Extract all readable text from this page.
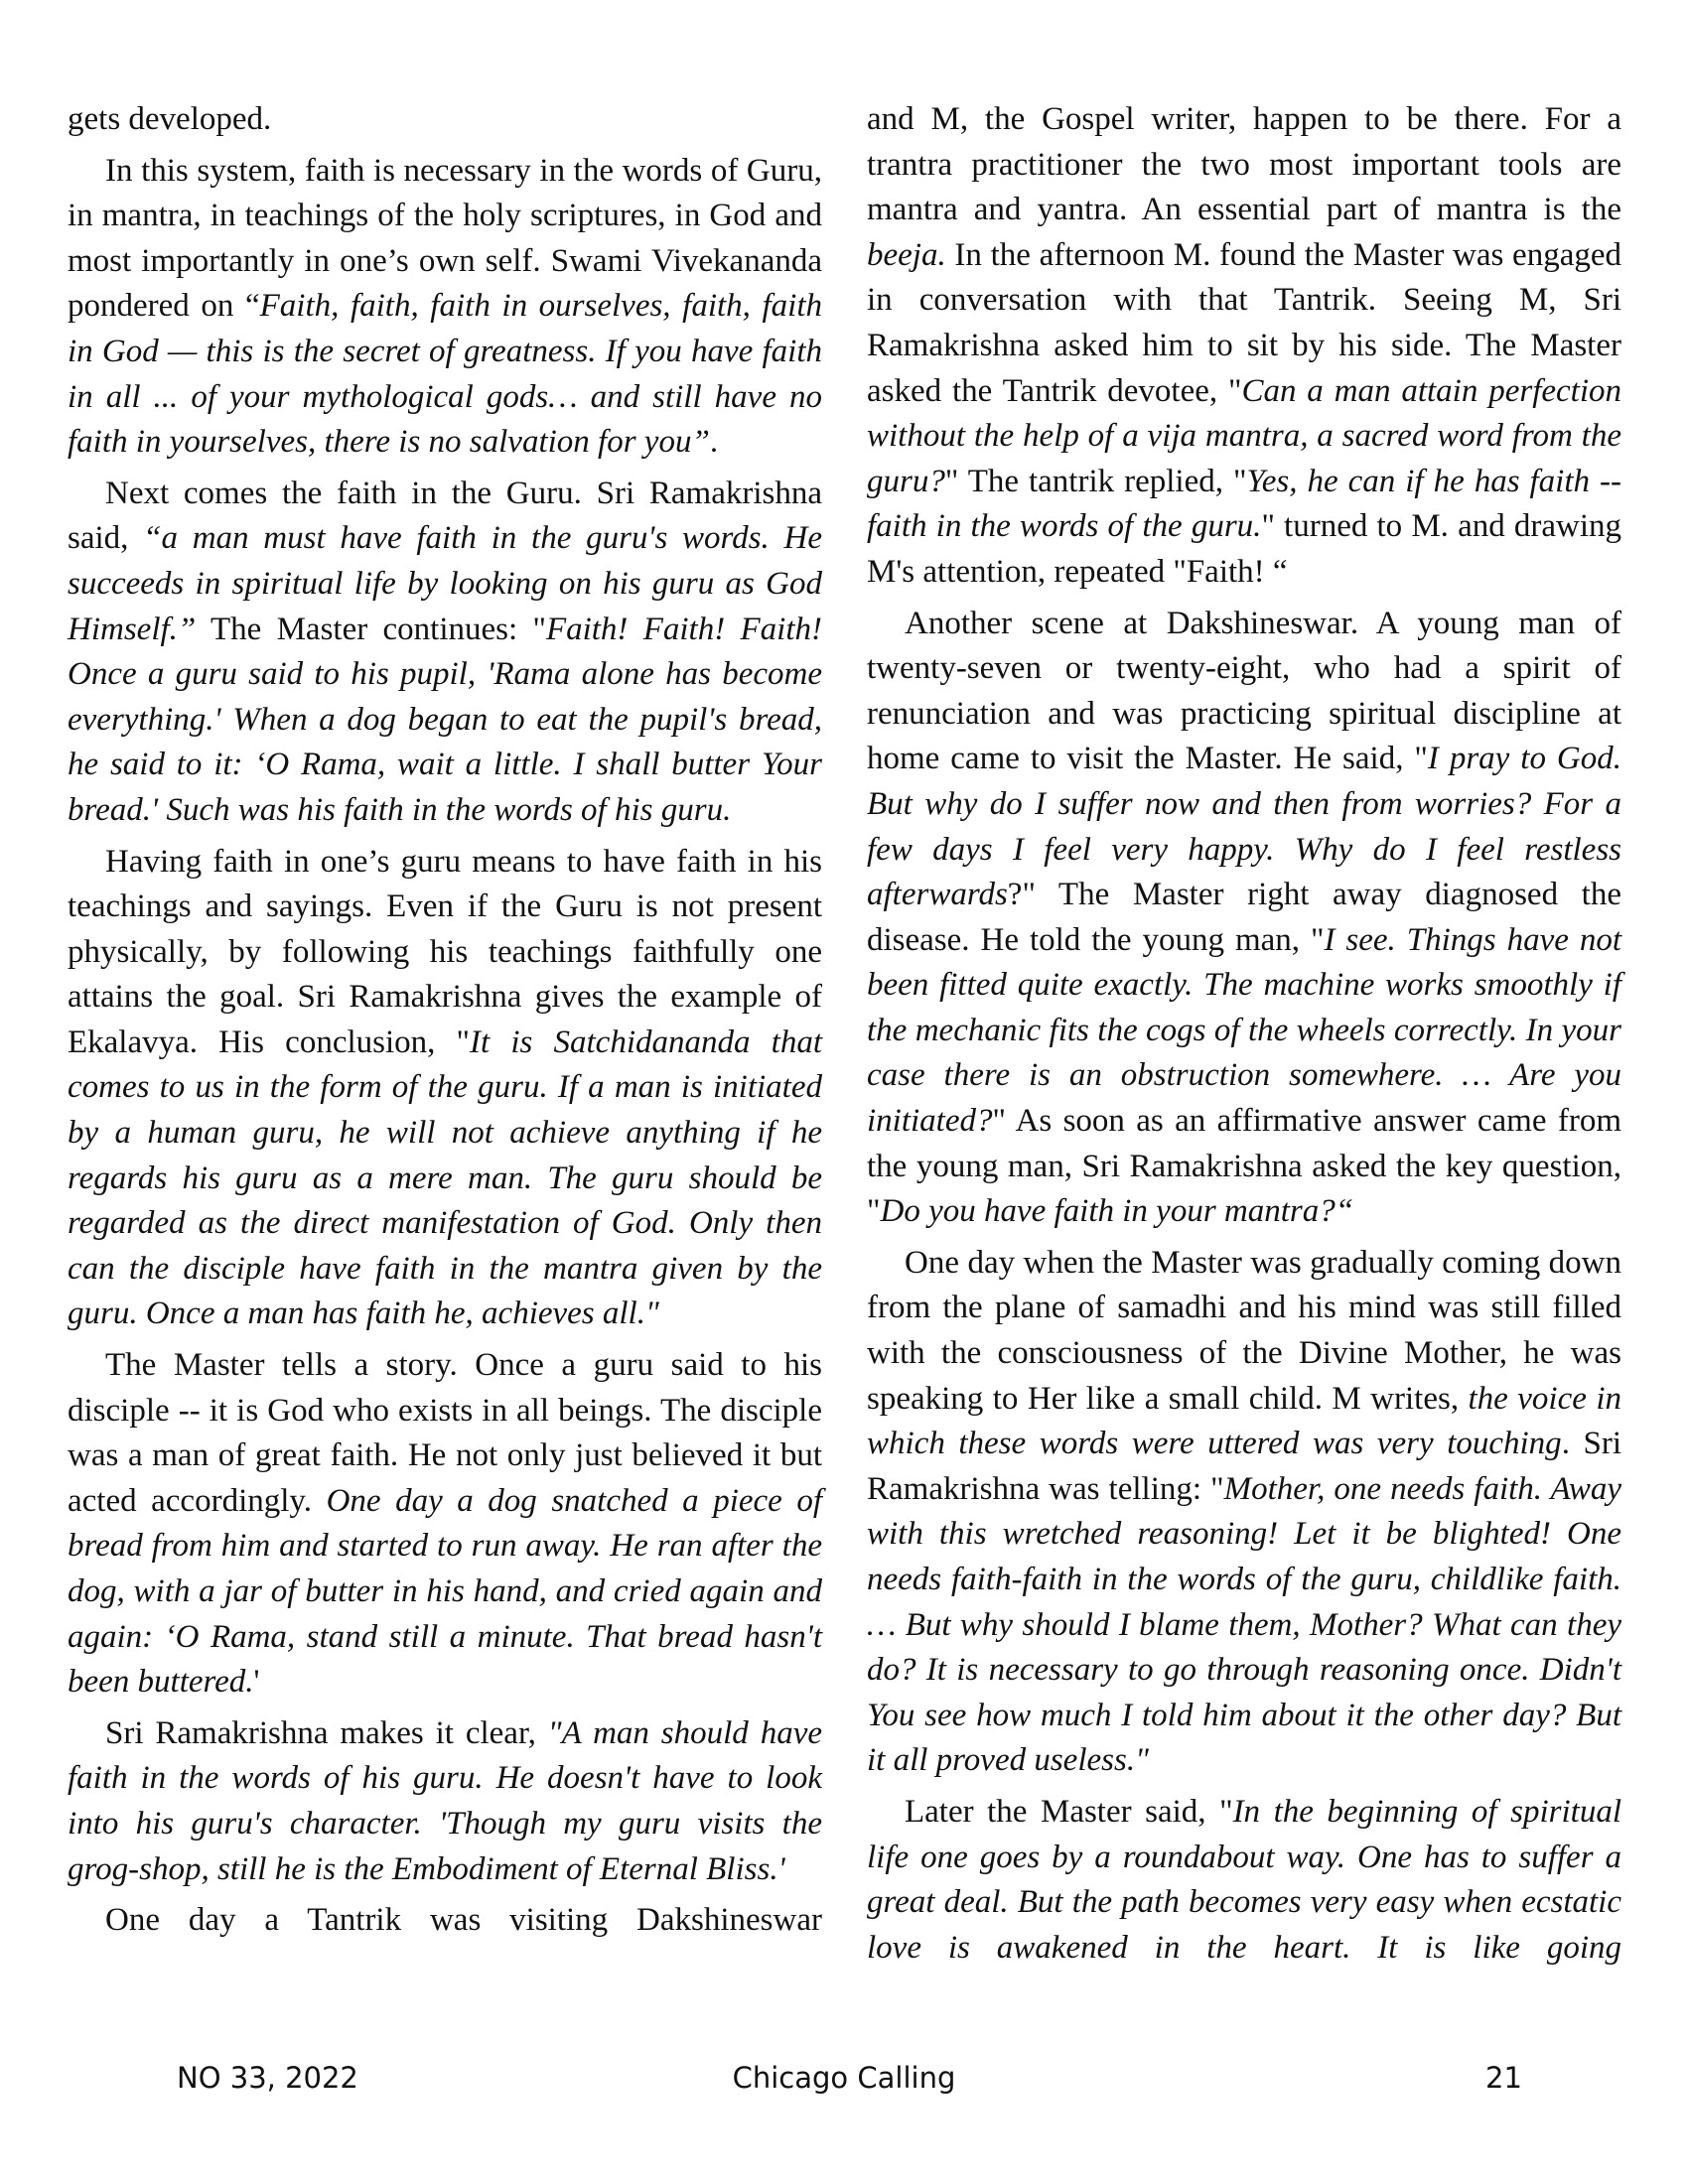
gets developed.

In this system, faith is necessary in the words of Guru, in mantra, in teachings of the holy scriptures, in God and most importantly in one’s own self. Swami Vivekananda pondered on “Faith, faith, faith in ourselves, faith, faith in God — this is the secret of greatness. If you have faith in all ... of your mythological gods… and still have no faith in yourselves, there is no salvation for you”.

Next comes the faith in the Guru. Sri Ramakrishna said, “a man must have faith in the guru's words. He succeeds in spiritual life by looking on his guru as God Himself.” The Master continues: "Faith! Faith! Faith! Once a guru said to his pupil, 'Rama alone has become everything.' When a dog began to eat the pupil's bread, he said to it: ‘O Rama, wait a little. I shall butter Your bread.' Such was his faith in the words of his guru.

Having faith in one’s guru means to have faith in his teachings and sayings. Even if the Guru is not present physically, by following his teachings faithfully one attains the goal. Sri Ramakrishna gives the example of Ekalavya. His conclusion, "It is Satchidananda that comes to us in the form of the guru. If a man is initiated by a human guru, he will not achieve anything if he regards his guru as a mere man. The guru should be regarded as the direct manifestation of God. Only then can the disciple have faith in the mantra given by the guru. Once a man has faith he, achieves all."

The Master tells a story. Once a guru said to his disciple -- it is God who exists in all beings. The disciple was a man of great faith. He not only just believed it but acted accordingly. One day a dog snatched a piece of bread from him and started to run away. He ran after the dog, with a jar of butter in his hand, and cried again and again: ‘O Rama, stand still a minute. That bread hasn't been buttered.'

Sri Ramakrishna makes it clear, "A man should have faith in the words of his guru. He doesn't have to look into his guru's character. 'Though my guru visits the grog-shop, still he is the Embodiment of Eternal Bliss.'

One day a Tantrik was visiting Dakshineswar

and M, the Gospel writer, happen to be there. For a trantra practitioner the two most important tools are mantra and yantra. An essential part of mantra is the beeja. In the afternoon M. found the Master was engaged in conversation with that Tantrik. Seeing M, Sri Ramakrishna asked him to sit by his side. The Master asked the Tantrik devotee, "Can a man attain perfection without the help of a vija mantra, a sacred word from the guru?" The tantrik replied, "Yes, he can if he has faith -- faith in the words of the guru." turned to M. and drawing M's attention, repeated "Faith! “

Another scene at Dakshineswar. A young man of twenty-seven or twenty-eight, who had a spirit of renunciation and was practicing spiritual discipline at home came to visit the Master. He said, "I pray to God. But why do I suffer now and then from worries? For a few days I feel very happy. Why do I feel restless afterwards?" The Master right away diagnosed the disease. He told the young man, "I see. Things have not been fitted quite exactly. The machine works smoothly if the mechanic fits the cogs of the wheels correctly. In your case there is an obstruction somewhere. … Are you initiated?" As soon as an affirmative answer came from the young man, Sri Ramakrishna asked the key question, "Do you have faith in your mantra?“

One day when the Master was gradually coming down from the plane of samadhi and his mind was still filled with the consciousness of the Divine Mother, he was speaking to Her like a small child. M writes, the voice in which these words were uttered was very touching. Sri Ramakrishna was telling: "Mother, one needs faith. Away with this wretched reasoning! Let it be blighted! One needs faith-faith in the words of the guru, childlike faith. … But why should I blame them, Mother? What can they do? It is necessary to go through reasoning once. Didn't You see how much I told him about it the other day? But it all proved useless."

Later the Master said, "In the beginning of spiritual life one goes by a roundabout way. One has to suffer a great deal. But the path becomes very easy when ecstatic love is awakened in the heart. It is like going

NO 33, 2022	Chicago Calling	21
